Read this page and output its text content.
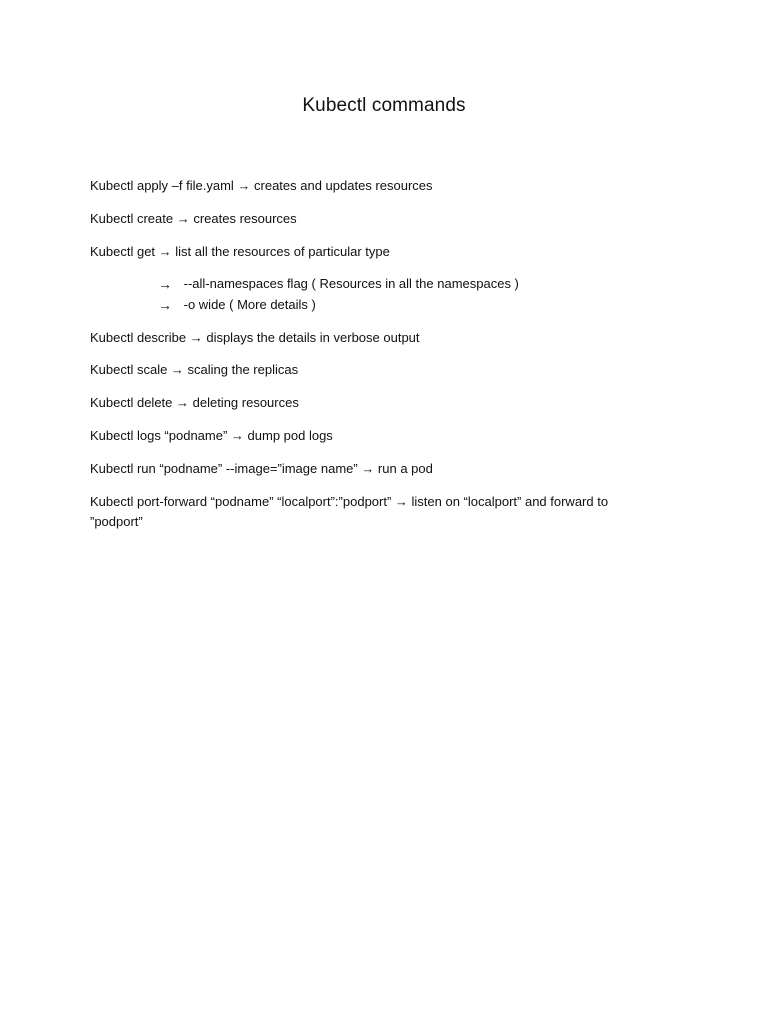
Kubectl commands
Kubectl apply –f file.yaml → creates and updates resources
Kubectl create → creates resources
Kubectl get → list all the resources of particular type
→ --all-namespaces flag ( Resources in all the namespaces )
→ -o wide ( More details )
Kubectl describe → displays the details in verbose output
Kubectl scale → scaling the replicas
Kubectl delete → deleting resources
Kubectl logs “podname” → dump pod logs
Kubectl run “podname” --image=”image name” → run a pod
Kubectl port-forward “podname” “localport”:”podport” → listen on “localport” and forward to ”podport”
